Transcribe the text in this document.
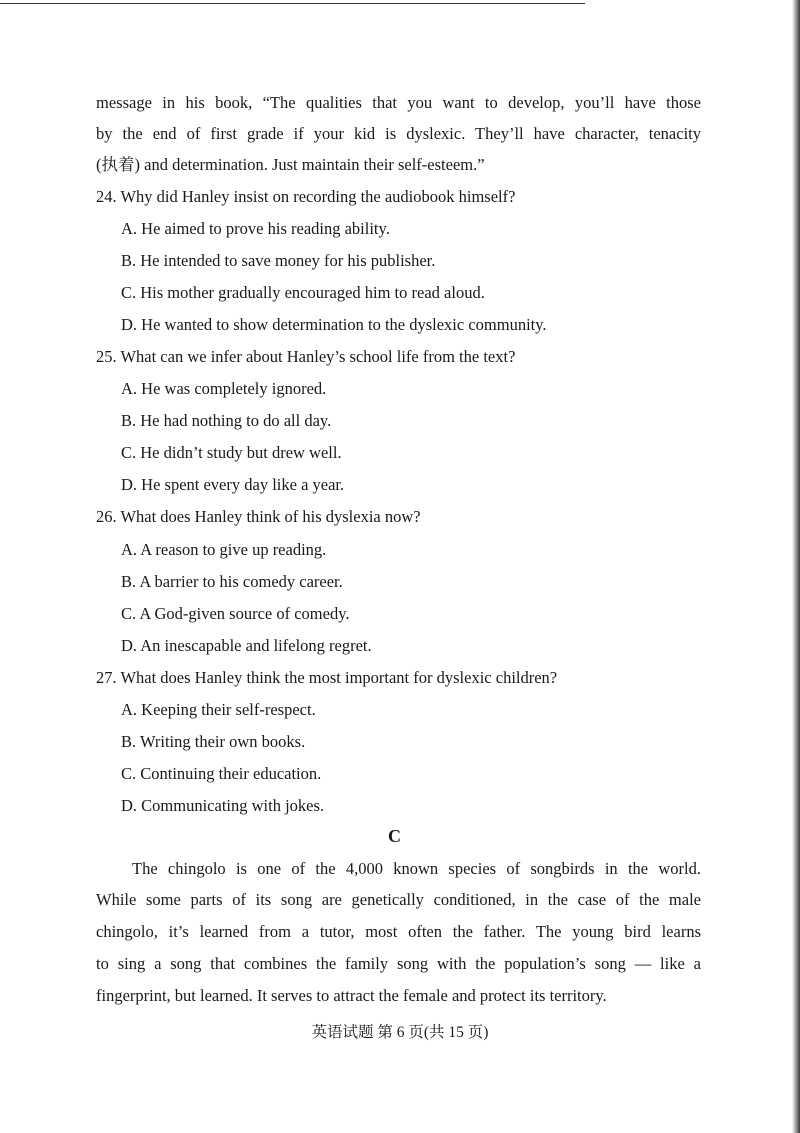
message in his book, “The qualities that you want to develop, you’ll have those
by the end of first grade if your kid is dyslexic. They’ll have character, tenacity
(执着) and determination. Just maintain their self-esteem.”
24. Why did Hanley insist on recording the audiobook himself?
A. He aimed to prove his reading ability.
B. He intended to save money for his publisher.
C. His mother gradually encouraged him to read aloud.
D. He wanted to show determination to the dyslexic community.
25. What can we infer about Hanley’s school life from the text?
A. He was completely ignored.
B. He had nothing to do all day.
C. He didn’t study but drew well.
D. He spent every day like a year.
26. What does Hanley think of his dyslexia now?
A. A reason to give up reading.
B. A barrier to his comedy career.
C. A God-given source of comedy.
D. An inescapable and lifelong regret.
27. What does Hanley think the most important for dyslexic children?
A. Keeping their self-respect.
B. Writing their own books.
C. Continuing their education.
D. Communicating with jokes.
C
The chingolo is one of the 4,000 known species of songbirds in the world.
While some parts of its song are genetically conditioned, in the case of the male
chingolo, it’s learned from a tutor, most often the father. The young bird learns
to sing a song that combines the family song with the population’s song — like a
fingerprint, but learned. It serves to attract the female and protect its territory.
英语试题 第 6 页(共 15 页)
